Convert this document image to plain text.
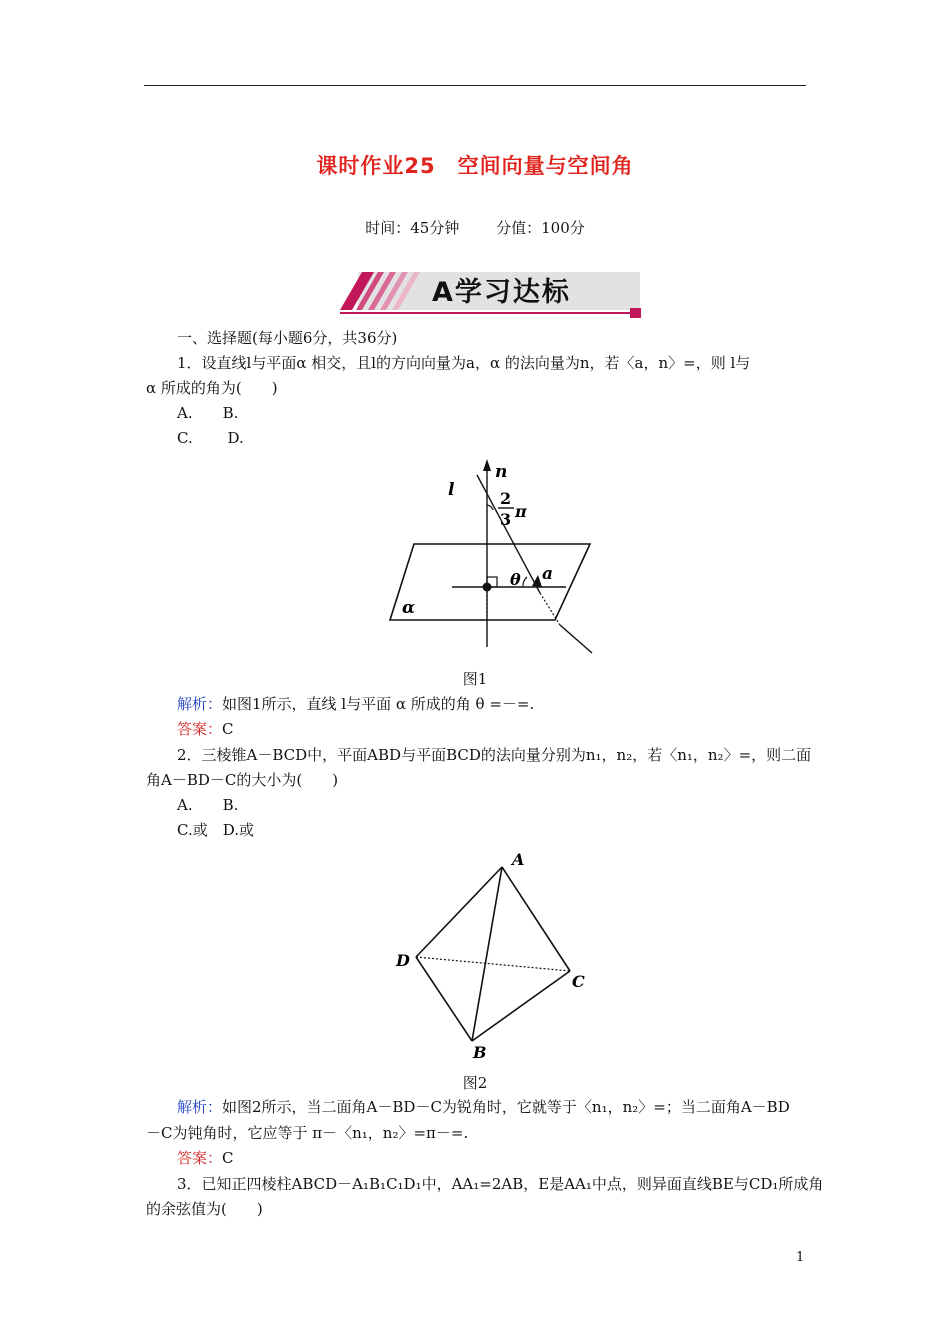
课时作业25　空间向量与空间角
时间：45分钟 分值：100分
A学习达标
一、选择题(每小题6分，共36分)
1．设直线l与平面α 相交，且l的方向向量为a，α 的法向量为n，若〈a，n〉=，则 l与
α 所成的角为(　　)
A.　　B.
C.　　 D.
n
l	2
3 π
θ a
α
图1
解析：如图1所示，直线 l与平面 α 所成的角 θ =－=.
答案：C
2．三棱锥A－BCD中，平面ABD与平面BCD的法向量分别为n₁，n₂，若〈n₁，n₂〉=，则二面
角A－BD－C的大小为(　　)
A.　　B.
C.或　D.或
A
D
C
B
图2
解析：如图2所示，当二面角A－BD－C为锐角时，它就等于〈n₁，n₂〉=；当二面角A－BD
－C为钝角时，它应等于 π－〈n₁，n₂〉=π－=.
答案：C
3．已知正四棱柱ABCD－A₁B₁C₁D₁中，AA₁=2AB，E是AA₁中点，则异面直线BE与CD₁所成角
的余弦值为(　　)
1
